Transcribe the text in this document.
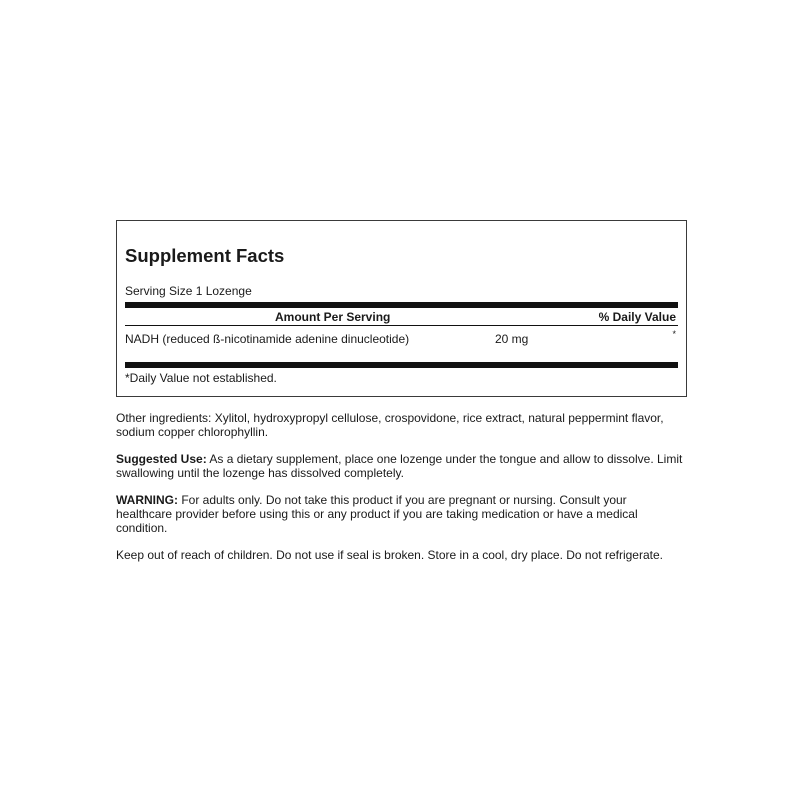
Supplement Facts
Serving Size 1 Lozenge
Amount Per Serving	% Daily Value
NADH (reduced ß-nicotinamide adenine dinucleotide)	20 mg	*
*Daily Value not established.

Other ingredients: Xylitol, hydroxypropyl cellulose, crospovidone, rice extract, natural peppermint flavor, sodium copper chlorophyllin.

Suggested Use: As a dietary supplement, place one lozenge under the tongue and allow to dissolve. Limit swallowing until the lozenge has dissolved completely.

WARNING: For adults only. Do not take this product if you are pregnant or nursing. Consult your healthcare provider before using this or any product if you are taking medication or have a medical condition.

Keep out of reach of children. Do not use if seal is broken. Store in a cool, dry place. Do not refrigerate.
